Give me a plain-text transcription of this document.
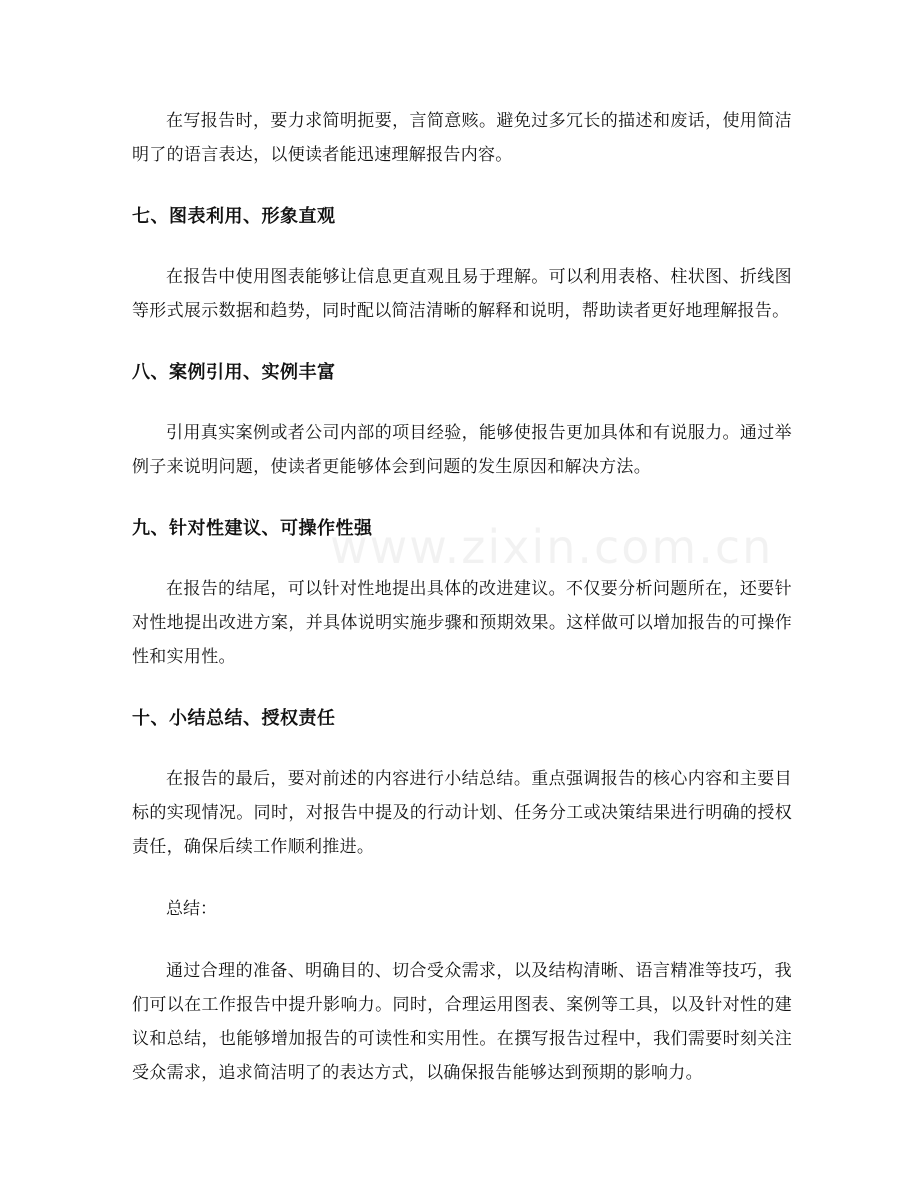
www.zixin.com.cn

在写报告时，要力求简明扼要，言简意赅。避免过多冗长的描述和废话，使用简洁明了的语言表达，以便读者能迅速理解报告内容。

七、图表利用、形象直观

在报告中使用图表能够让信息更直观且易于理解。可以利用表格、柱状图、折线图等形式展示数据和趋势，同时配以简洁清晰的解释和说明，帮助读者更好地理解报告。

八、案例引用、实例丰富

引用真实案例或者公司内部的项目经验，能够使报告更加具体和有说服力。通过举例子来说明问题，使读者更能够体会到问题的发生原因和解决方法。

九、针对性建议、可操作性强

在报告的结尾，可以针对性地提出具体的改进建议。不仅要分析问题所在，还要针对性地提出改进方案，并具体说明实施步骤和预期效果。这样做可以增加报告的可操作性和实用性。

十、小结总结、授权责任

在报告的最后，要对前述的内容进行小结总结。重点强调报告的核心内容和主要目标的实现情况。同时，对报告中提及的行动计划、任务分工或决策结果进行明确的授权责任，确保后续工作顺利推进。

总结：

通过合理的准备、明确目的、切合受众需求，以及结构清晰、语言精准等技巧，我们可以在工作报告中提升影响力。同时，合理运用图表、案例等工具，以及针对性的建议和总结，也能够增加报告的可读性和实用性。在撰写报告过程中，我们需要时刻关注受众需求，追求简洁明了的表达方式，以确保报告能够达到预期的影响力。
